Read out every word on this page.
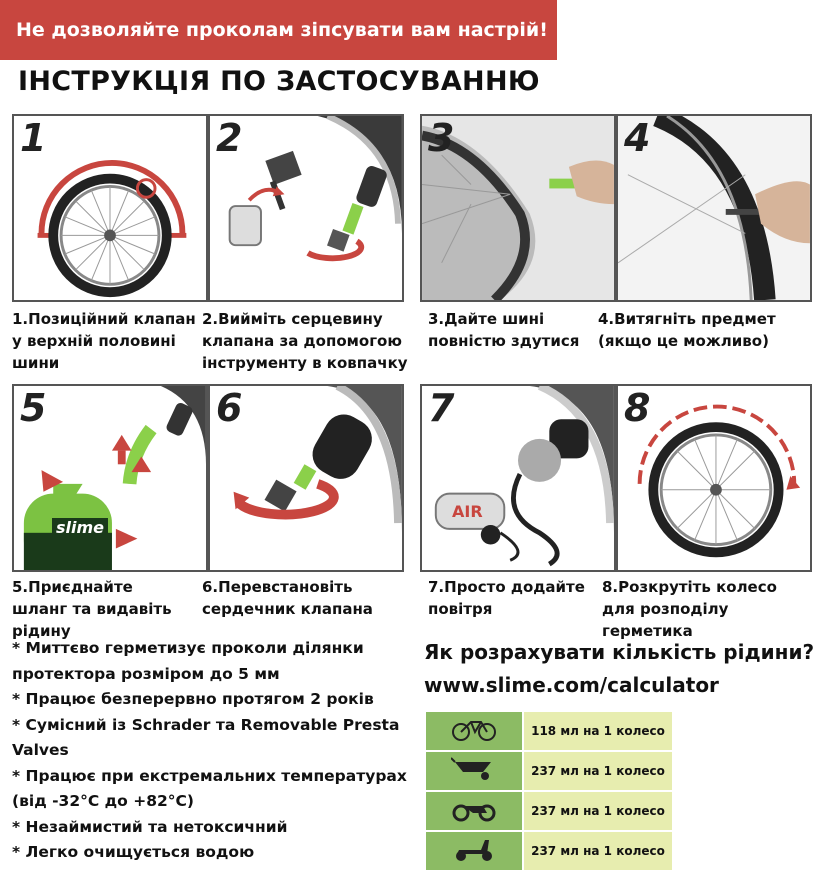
Не дозволяйте проколам зіпсувати вам настрій!
ІНСТРУКЦІЯ ПО ЗАСТОСУВАННЮ
1	2	3	4
5
slime
6	7
AIR
8
1.Позиційний клапан у верхній половині шини
2.Вийміть серцевину клапана за допомогою інструменту в ковпачку
3.Дайте шині повністю здутися
4.Витягніть предмет (якщо це можливо)
5.Приєднайте шланг та видавіть рідину
6.Перевстановіть сердечник клапана
7.Просто додайте повітря
8.Розкрутіть колесо для розподілу герметика
* Миттєво герметизує проколи ділянки протектора розміром до 5 мм
* Працює безперервно протягом 2 років
* Сумісний із Schrader та Removable Presta Valves
* Працює при екстремальних температурах (від -32°C до +82°C)
* Незаймистий та нетоксичний
* Легко очищується водою
Як розрахувати кількість рідини? www.slime.com/calculator
	118 мл на 1 колесо
	237 мл на 1 колесо
	237 мл на 1 колесо
	237 мл на 1 колесо
